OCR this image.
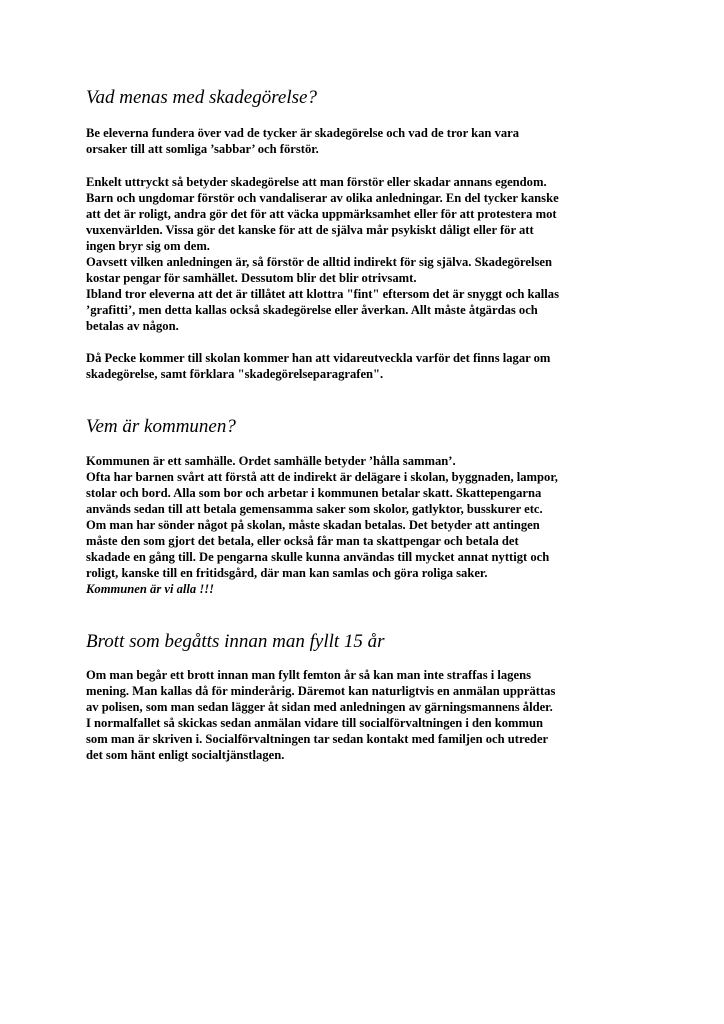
Vad menas med skadegörelse?

Be eleverna fundera över vad de tycker är skadegörelse och vad de tror kan vara
orsaker till att somliga ’sabbar’ och förstör.

Enkelt uttryckt så betyder skadegörelse att man förstör eller skadar annans egendom.
Barn och ungdomar förstör och vandaliserar av olika anledningar. En del tycker kanske
att det är roligt, andra gör det för att väcka uppmärksamhet eller för att protestera mot
vuxenvärlden. Vissa gör det kanske för att de själva mår psykiskt dåligt eller för att
ingen bryr sig om dem.
Oavsett vilken anledningen är, så förstör de alltid indirekt för sig själva. Skadegörelsen
kostar pengar för samhället. Dessutom blir det blir otrivsamt.
Ibland tror eleverna att det är tillåtet att klottra "fint" eftersom det är snyggt och kallas
’grafitti’, men detta kallas också skadegörelse eller åverkan. Allt måste åtgärdas och
betalas av någon.

Då Pecke kommer till skolan kommer han att vidareutveckla varför det finns lagar om
skadegörelse, samt förklara "skadegörelseparagrafen".

Vem är kommunen?

Kommunen är ett samhälle. Ordet samhälle betyder ’hålla samman’.
Ofta har barnen svårt att förstå att de indirekt är delägare i skolan, byggnaden, lampor,
stolar och bord. Alla som bor och arbetar i kommunen betalar skatt. Skattepengarna
används sedan till att betala gemensamma saker som skolor, gatlyktor, busskurer etc.
Om man har sönder något på skolan, måste skadan betalas. Det betyder att antingen
måste den som gjort det betala, eller också får man ta skattpengar och betala det
skadade en gång till. De pengarna skulle kunna användas till mycket annat nyttigt och
roligt, kanske till en fritidsgård, där man kan samlas och göra roliga saker.
Kommunen är vi alla !!!

Brott som begåtts innan man fyllt 15 år

Om man begår ett brott innan man fyllt femton år så kan man inte straffas i lagens
mening. Man kallas då för minderårig. Däremot kan naturligtvis en anmälan upprättas
av polisen, som man sedan lägger åt sidan med anledningen av gärningsmannens ålder.
I normalfallet så skickas sedan anmälan vidare till socialförvaltningen i den kommun
som man är skriven i. Socialförvaltningen tar sedan kontakt med familjen och utreder
det som hänt enligt socialtjänstlagen.
